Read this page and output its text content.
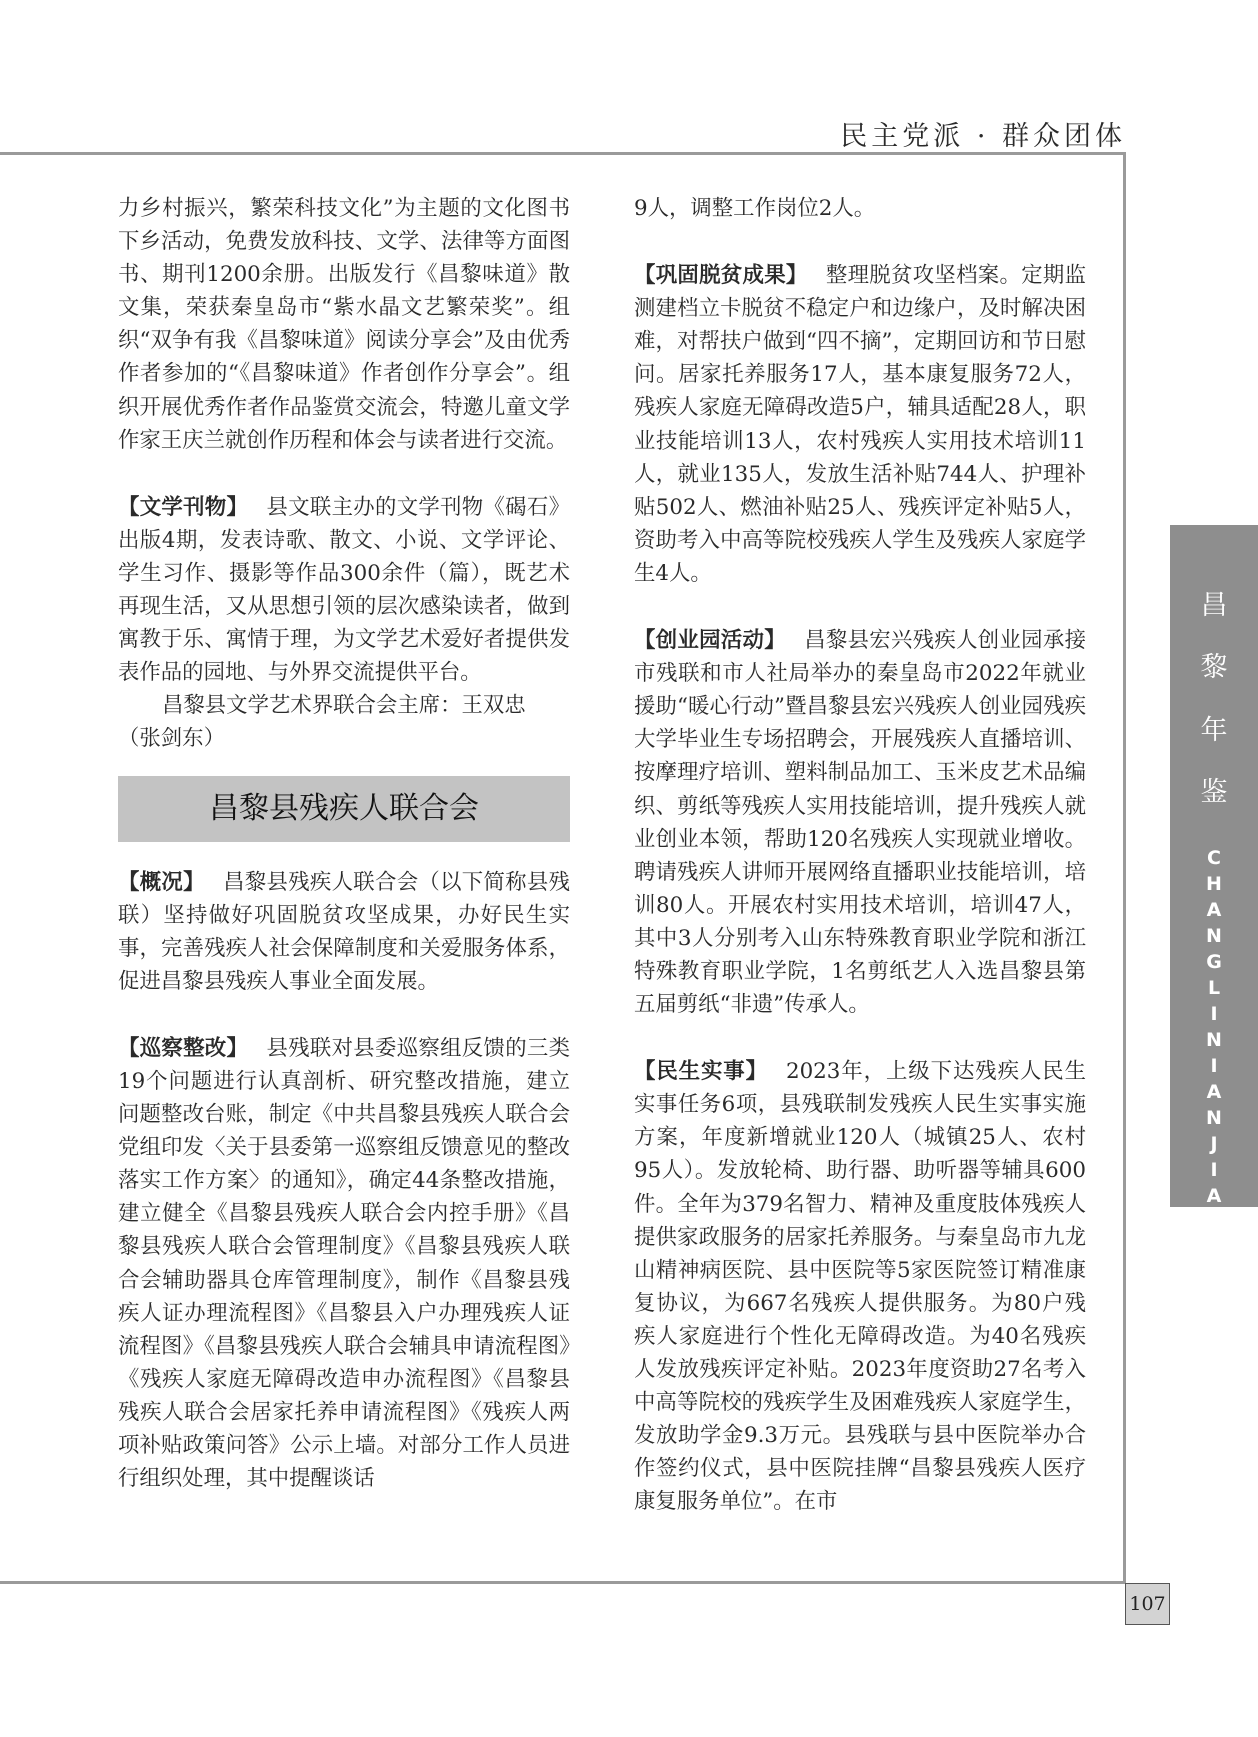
民主党派 · 群众团体
昌
黎
年
鉴
C
H
A
N
G
L
I
N
I
A
N
J
I
A
107

力乡村振兴，繁荣科技文化”为主题的文化图书下乡活动，免费发放科技、文学、法律等方面图书、期刊1200余册。出版发行《昌黎味道》散文集，荣获秦皇岛市“紫水晶文艺繁荣奖”。组织“双争有我《昌黎味道》阅读分享会”及由优秀作者参加的“《昌黎味道》作者创作分享会”。组织开展优秀作者作品鉴赏交流会，特邀儿童文学作家王庆兰就创作历程和体会与读者进行交流。

【文学刊物】 县文联主办的文学刊物《碣石》出版4期，发表诗歌、散文、小说、文学评论、学生习作、摄影等作品300余件（篇），既艺术再现生活，又从思想引领的层次感染读者，做到寓教于乐、寓情于理，为文学艺术爱好者提供发表作品的园地、与外界交流提供平台。

昌黎县文学艺术界联合会主席：王双忠

（张剑东）

昌黎县残疾人联合会

【概况】 昌黎县残疾人联合会（以下简称县残联）坚持做好巩固脱贫攻坚成果，办好民生实事，完善残疾人社会保障制度和关爱服务体系，促进昌黎县残疾人事业全面发展。

【巡察整改】 县残联对县委巡察组反馈的三类19个问题进行认真剖析、研究整改措施，建立问题整改台账，制定《中共昌黎县残疾人联合会党组印发〈关于县委第一巡察组反馈意见的整改落实工作方案〉的通知》，确定44条整改措施，建立健全《昌黎县残疾人联合会内控手册》《昌黎县残疾人联合会管理制度》《昌黎县残疾人联合会辅助器具仓库管理制度》，制作《昌黎县残疾人证办理流程图》《昌黎县入户办理残疾人证流程图》《昌黎县残疾人联合会辅具申请流程图》《残疾人家庭无障碍改造申办流程图》《昌黎县残疾人联合会居家托养申请流程图》《残疾人两项补贴政策问答》公示上墙。对部分工作人员进行组织处理，其中提醒谈话

9人，调整工作岗位2人。

【巩固脱贫成果】 整理脱贫攻坚档案。定期监测建档立卡脱贫不稳定户和边缘户，及时解决困难，对帮扶户做到“四不摘”，定期回访和节日慰问。居家托养服务17人，基本康复服务72人，残疾人家庭无障碍改造5户，辅具适配28人，职业技能培训13人，农村残疾人实用技术培训11人，就业135人，发放生活补贴744人、护理补贴502人、燃油补贴25人、残疾评定补贴5人，资助考入中高等院校残疾人学生及残疾人家庭学生4人。

【创业园活动】 昌黎县宏兴残疾人创业园承接市残联和市人社局举办的秦皇岛市2022年就业援助“暖心行动”暨昌黎县宏兴残疾人创业园残疾大学毕业生专场招聘会，开展残疾人直播培训、按摩理疗培训、塑料制品加工、玉米皮艺术品编织、剪纸等残疾人实用技能培训，提升残疾人就业创业本领，帮助120名残疾人实现就业增收。聘请残疾人讲师开展网络直播职业技能培训，培训80人。开展农村实用技术培训，培训47人，其中3人分别考入山东特殊教育职业学院和浙江特殊教育职业学院，1名剪纸艺人入选昌黎县第五届剪纸“非遗”传承人。

【民生实事】 2023年，上级下达残疾人民生实事任务6项，县残联制发残疾人民生实事实施方案，年度新增就业120人（城镇25人、农村95人）。发放轮椅、助行器、助听器等辅具600件。全年为379名智力、精神及重度肢体残疾人提供家政服务的居家托养服务。与秦皇岛市九龙山精神病医院、县中医院等5家医院签订精准康复协议，为667名残疾人提供服务。为80户残疾人家庭进行个性化无障碍改造。为40名残疾人发放残疾评定补贴。2023年度资助27名考入中高等院校的残疾学生及困难残疾人家庭学生，发放助学金9.3万元。县残联与县中医院举办合作签约仪式，县中医院挂牌“昌黎县残疾人医疗康复服务单位”。在市
